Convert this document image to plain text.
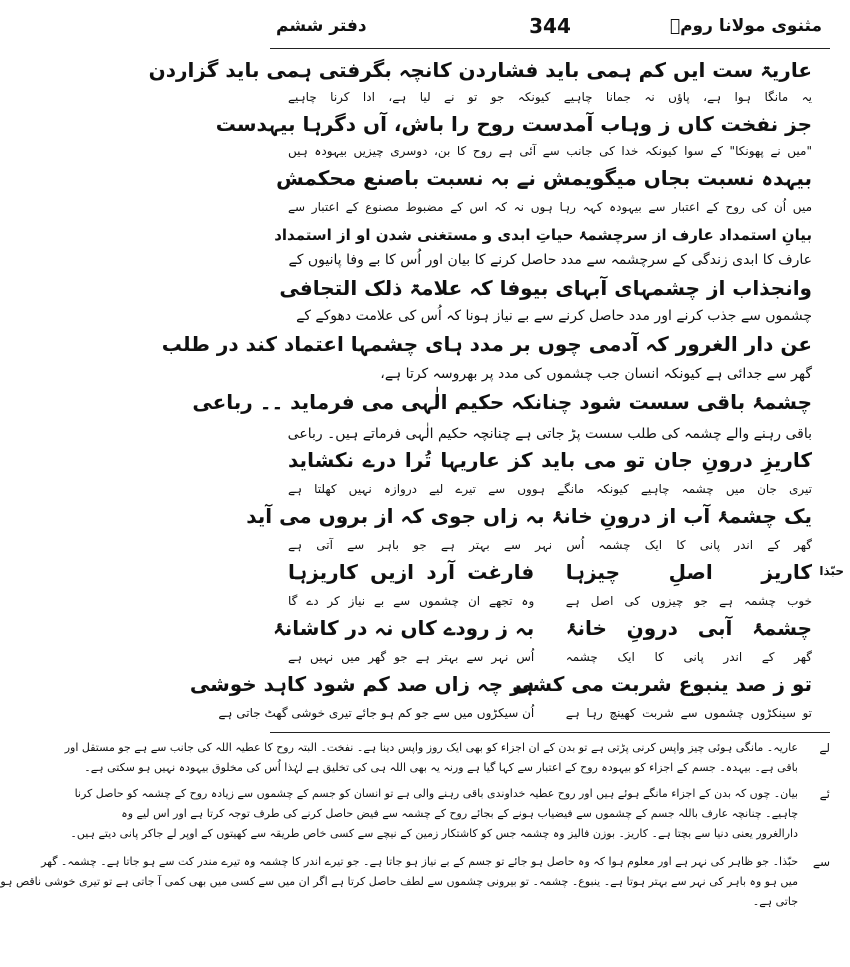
مثنوی مولانا رومؒ
344
دفتر ششم
عاریۃ ست ایں کم ہمی باید فشاردن کانچہ بگرفتی ہمی باید گزاردن
یہ مانگا ہوا ہے، پاؤں نہ جمانا چاہیے کیونکہ جو تو نے لیا ہے، ادا کرنا چاہیے
جز نفخت کاں ز وہاب آمدست روح را باش، آں دگرہا بیہدست
"میں نے پھونکا" کے سوا کیونکہ خدا کی جانب سے آئی ہے روح کا بن، دوسری چیزیں بیہودہ ہیں
بیہدہ نسبت بجاں میگویمش نے بہ نسبت باصنع محکمش
میں اُن کی روح کے اعتبار سے بیہودہ کہہ رہا ہوں نہ کہ اس کے مضبوط مصنوع کے اعتبار سے
بیانِ استمداد عارف از سرچشمۂ حیاتِ ابدی و مستغنی شدن او از استمداد
عارف کا ابدی زندگی کے سرچشمہ سے مدد حاصل کرنے کا بیان اور اُس کا بے وفا پانیوں کے
وانجذاب از چشمہای آبہای بیوفا کہ علامۃ ذلک التجافی
چشموں سے جذب کرنے اور مدد حاصل کرنے سے بے نیاز ہونا کہ اُس کی علامت دھوکے کے
عن دار الغرور کہ آدمی چوں بر مدد ہای چشمہا اعتماد کند در طلب
گھر سے جدائی ہے کیونکہ انسان جب چشموں کی مدد پر بھروسہ کرتا ہے،
چشمۂ باقی سست شود چنانکہ حکیم الٰہی می فرماید ۔۔ رباعی
باقی رہنے والے چشمہ کی طلب سست پڑ جاتی ہے چنانچہ حکیم الٰہی فرماتے ہیں۔ رباعی
کاریزِ درونِ جان تو می باید کز عاریہا تُرا درے نکشاید
تیری جان میں چشمہ چاہیے کیونکہ مانگے ہووں سے تیرے لیے دروازہ نہیں کھلتا ہے
یک چشمۂ آب از درونِ خانۂ بہ زاں جوی کہ از بروں می آید
گھر کے اندر پانی کا ایک چشمہ اُس نہر سے بہتر ہے جو باہر سے آتی ہے
حبّذا
کاریز اصلِ چیزہا
فارغت آرد ازیں کاریزہا
خوب چشمہ ہے جو چیزوں کی اصل ہے
وہ تجھے ان چشموں سے بے نیاز کر دے گا
چشمۂ آبی درونِ خانۂ
بہ ز رودے کاں نہ در کاشانۂ
گھر کے اندر پانی کا ایک چشمہ
اُس نہر سے بہتر ہے جو گھر میں نہیں ہے
تو ز صد ینبوع شربت می کشی
ہر چہ زاں صد کم شود کاہد خوشی
تو سینکڑوں چشموں سے شربت کھینچ رہا ہے
اُن سیکڑوں میں سے جو کم ہو جائے تیری خوشی گھٹ جاتی ہے
لے
عاریہ۔ مانگی ہوئی چیز واپس کرنی پڑتی ہے تو بدن کے ان اجزاء کو بھی ایک روز واپس دینا ہے۔ نفخت۔ البتہ روح کا عطیہ اللہ کی جانب سے ہے جو مستقل اور
باقی ہے۔ بیہدہ۔ جسم کے اجزاء کو بیہودہ روح کے اعتبار سے کہا گیا ہے ورنہ یہ بھی اللہ ہی کی تخلیق ہے لہٰذا اُس کی مخلوق بیہودہ نہیں ہو سکتی ہے۔
ئے
بیان۔ چوں کہ بدن کے اجزاء مانگے ہوئے ہیں اور روح عطیہ خداوندی باقی رہنے والی ہے تو انسان کو جسم کے چشموں سے زیادہ روح کے چشمہ کو حاصل کرنا
چاہیے۔ چنانچہ عارف باللہ جسم کے چشموں سے فیضیاب ہونے کے بجائے روح کے چشمہ سے فیض حاصل کرنے کی طرف توجہ کرتا ہے اور اس لیے وہ
دارالغرور یعنی دنیا سے بچتا ہے۔ کاریز۔ بوزن فالیز وہ چشمہ جس کو کاشتکار زمین کے نیچے سے کسی خاص طریقہ سے کھیتوں کے اوپر لے جاکر پانی دیتے ہیں۔
سے
حبّذا۔ جو ظاہر کی نہر ہے اور معلوم ہوا کہ وہ حاصل ہو جائے تو جسم کے بے نیاز ہو جاتا ہے۔ جو تیرے اندر کا چشمہ وہ تیرے مندر کت سے ہو جاتا ہے۔ چشمہ۔ گھر
میں ہو وہ باہر کی نہر سے بہتر ہوتا ہے۔ ینبوع۔ چشمہ۔ تو بیرونی چشموں سے لطف حاصل کرتا ہے اگر ان میں سے کسی میں بھی کمی آ جاتی ہے تو تیری خوشی ناقص ہو
جاتی ہے۔
